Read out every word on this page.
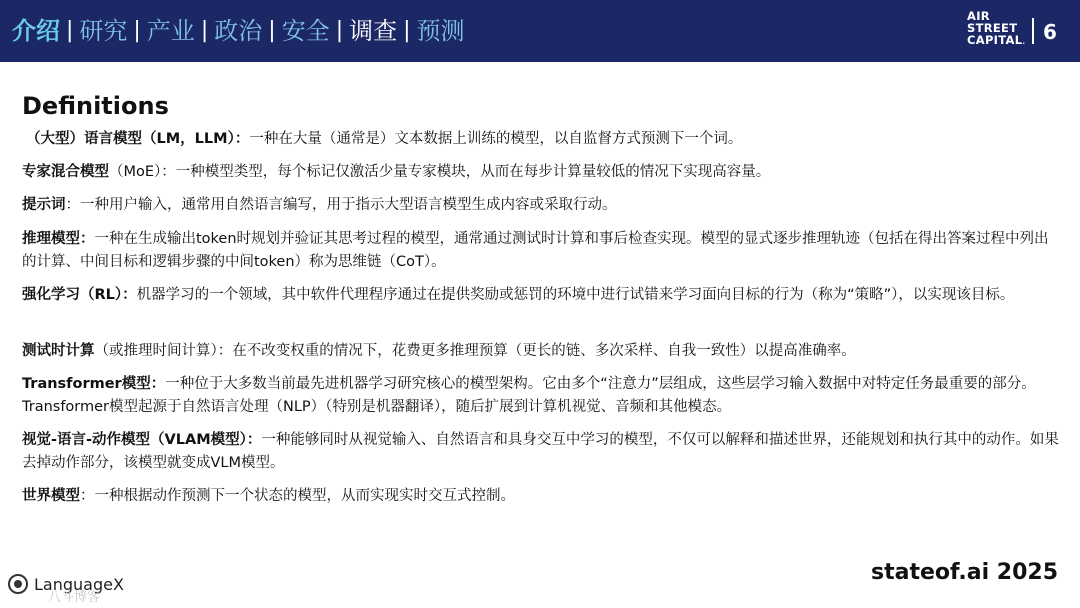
介绍 | 研究 | 产业 | 政治 | 安全 | 调查 | 预测
AIR
STREET
CAPITAL. 6
Definitions
（大型）语言模型（LM，LLM）：一种在大量（通常是）文本数据上训练的模型，以自监督方式预测下一个词。
专家混合模型（MoE）：一种模型类型，每个标记仅激活少量专家模块，从而在每步计算量较低的情况下实现高容量。
提示词：一种用户输入，通常用自然语言编写，用于指示大型语言模型生成内容或采取行动。
推理模型：一种在生成输出token时规划并验证其思考过程的模型，通常通过测试时计算和事后检查实现。模型的显式逐步推理轨迹（包括在得出答案过程中列出的计算、中间目标和逻辑步骤的中间token）称为思维链（CoT）。
强化学习（RL）：机器学习的一个领域，其中软件代理程序通过在提供奖励或惩罚的环境中进行试错来学习面向目标的行为（称为“策略”），以实现该目标。
测试时计算（或推理时间计算）：在不改变权重的情况下，花费更多推理预算（更长的链、多次采样、自我一致性）以提高准确率。
Transformer模型：一种位于大多数当前最先进机器学习研究核心的模型架构。它由多个“注意力”层组成，这些层学习输入数据中对特定任务最重要的部分。Transformer模型起源于自然语言处理（NLP）（特别是机器翻译），随后扩展到计算机视觉、音频和其他模态。
视觉-语言-动作模型（VLAM模型）：一种能够同时从视觉输入、自然语言和具身交互中学习的模型，不仅可以解释和描述世界，还能规划和执行其中的动作。如果去掉动作部分，该模型就变成VLM模型。
世界模型：一种根据动作预测下一个状态的模型，从而实现实时交互式控制。
LanguageX
八斗博客
stateof.ai 2025
